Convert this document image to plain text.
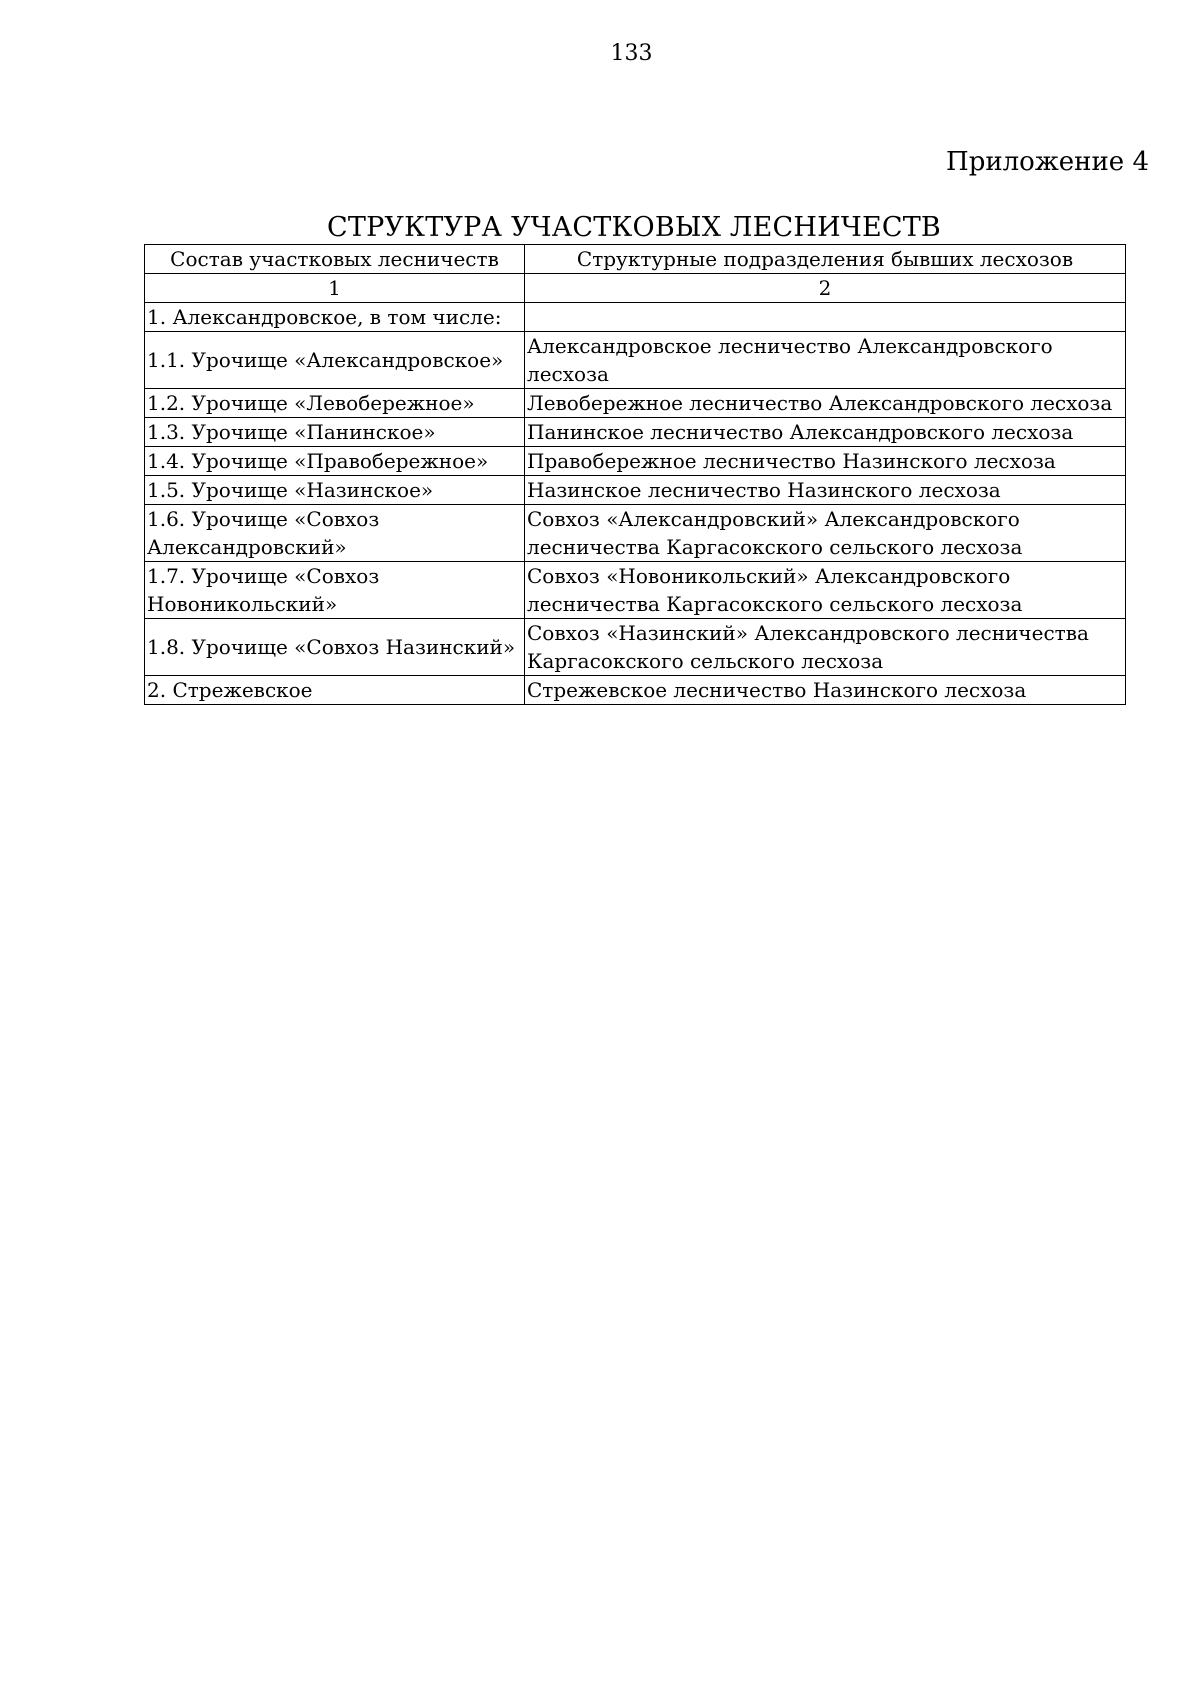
133
Приложение 4
СТРУКТУРА УЧАСТКОВЫХ ЛЕСНИЧЕСТВ
Состав участковых лесничеств	Структурные подразделения бывших лесхозов
1	2
1. Александровское, в том числе:	
1.1. Урочище «Александровское»	Александровское лесничество Александровского лесхоза
1.2. Урочище «Левобережное»	Левобережное лесничество Александровского лесхоза
1.3. Урочище «Панинское»	Панинское лесничество Александровского лесхоза
1.4. Урочище «Правобережное»	Правобережное лесничество Назинского лесхоза
1.5. Урочище «Назинское»	Назинское лесничество Назинского лесхоза
1.6. Урочище «Совхоз Александровский»	Совхоз «Александровский» Александровского лесничества Каргасокского сельского лесхоза
1.7. Урочище «Совхоз Новоникольский»	Совхоз «Новоникольский» Александровского лесничества Каргасокского сельского лесхоза
1.8. Урочище «Совхоз Назинский»	Совхоз «Назинский» Александровского лесничества Каргасокского сельского лесхоза
2. Стрежевское	Стрежевское лесничество Назинского лесхоза
